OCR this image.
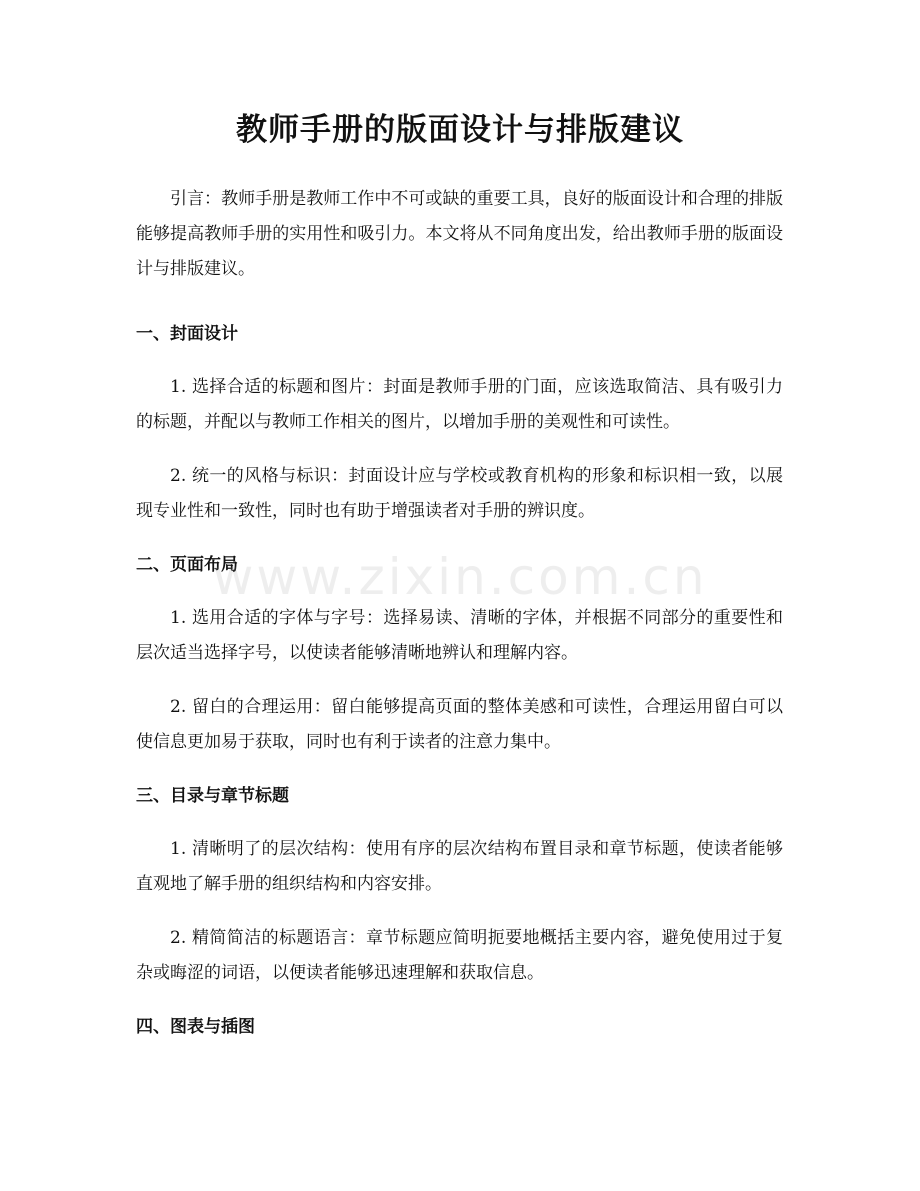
教师手册的版面设计与排版建议

引言：教师手册是教师工作中不可或缺的重要工具，良好的版面设计和合理的排版能够提高教师手册的实用性和吸引力。本文将从不同角度出发，给出教师手册的版面设计与排版建议。

一、封面设计

1. 选择合适的标题和图片：封面是教师手册的门面，应该选取简洁、具有吸引力的标题，并配以与教师工作相关的图片，以增加手册的美观性和可读性。

2. 统一的风格与标识：封面设计应与学校或教育机构的形象和标识相一致，以展现专业性和一致性，同时也有助于增强读者对手册的辨识度。

二、页面布局

1. 选用合适的字体与字号：选择易读、清晰的字体，并根据不同部分的重要性和层次适当选择字号，以使读者能够清晰地辨认和理解内容。

2. 留白的合理运用：留白能够提高页面的整体美感和可读性，合理运用留白可以使信息更加易于获取，同时也有利于读者的注意力集中。

三、目录与章节标题

1. 清晰明了的层次结构：使用有序的层次结构布置目录和章节标题，使读者能够直观地了解手册的组织结构和内容安排。

2. 精简简洁的标题语言：章节标题应简明扼要地概括主要内容，避免使用过于复杂或晦涩的词语，以便读者能够迅速理解和获取信息。

四、图表与插图
www.zixin.com.cn
